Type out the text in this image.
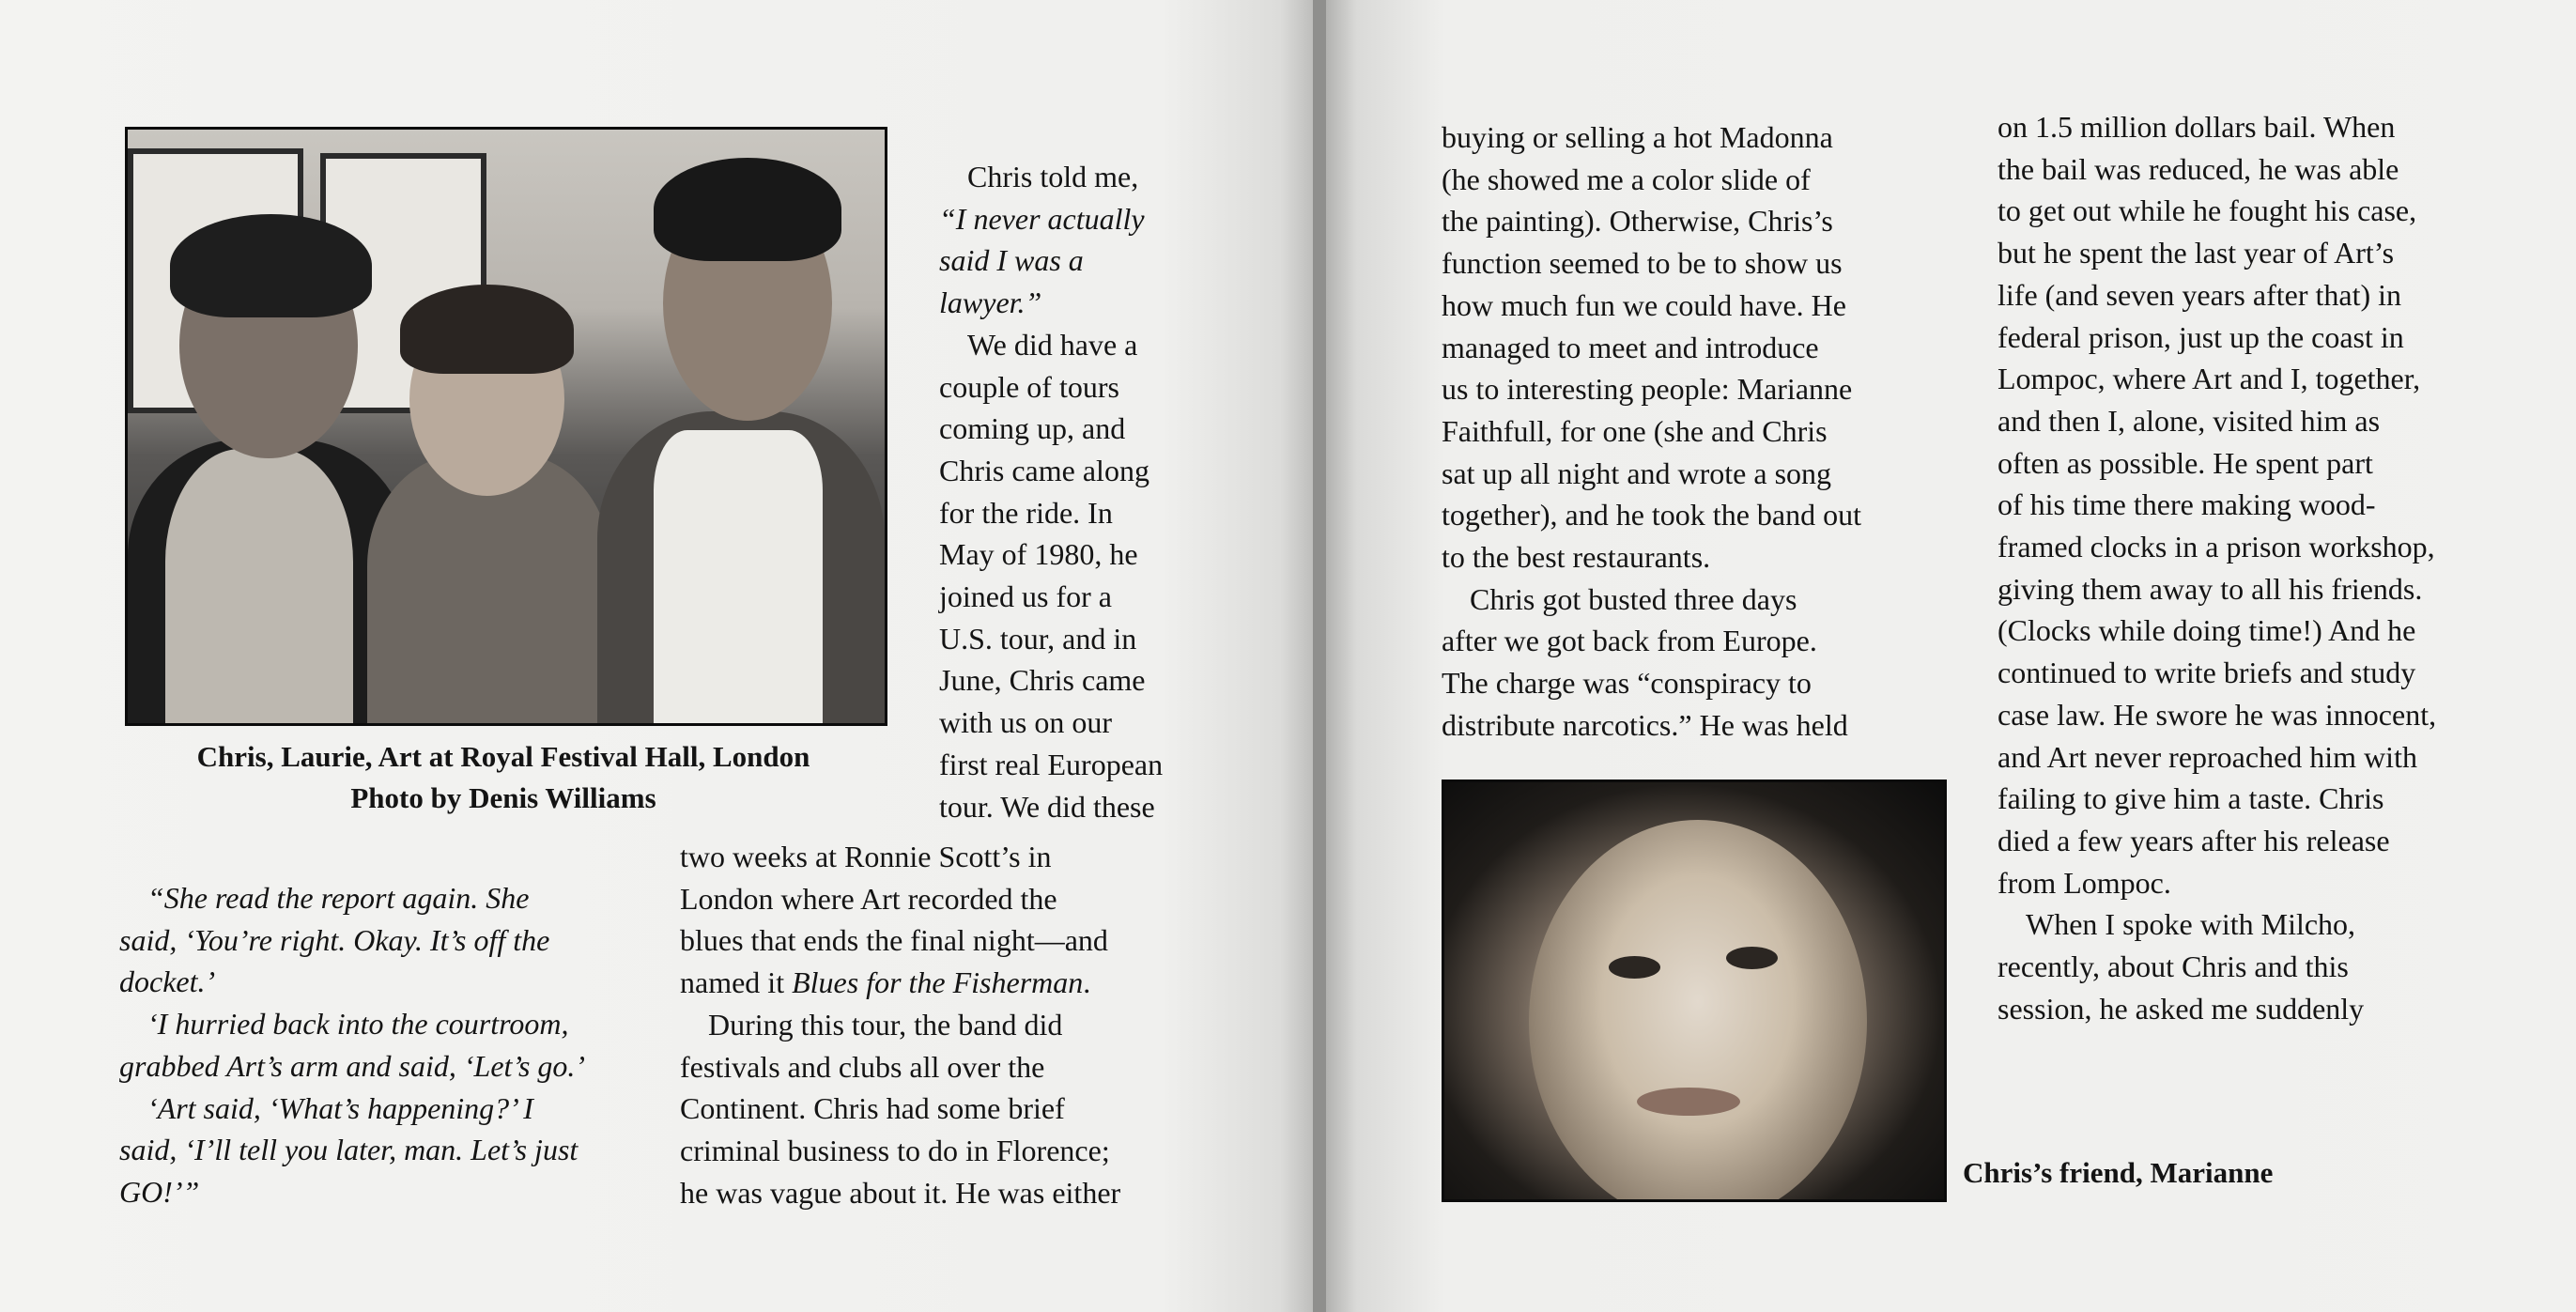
Chris, Laurie, Art at Royal Festival Hall, London
Photo by Denis Williams

Chris told me,

“I never actually

said I was a

lawyer.”

We did have a

couple of tours

coming up, and

Chris came along

for the ride. In

May of 1980, he

joined us for a

U.S. tour, and in

June, Chris came

with us on our

first real European

tour. We did these

two weeks at Ronnie Scott’s in

London where Art recorded the

blues that ends the final night—and

named it Blues for the Fisherman.

During this tour, the band did

festivals and clubs all over the

Continent. Chris had some brief

criminal business to do in Florence;

he was vague about it. He was either

“She read the report again. She

said, ‘You’re right. Okay. It’s off the

docket.’

‘I hurried back into the courtroom,

grabbed Art’s arm and said, ‘Let’s go.’

‘Art said, ‘What’s happening?’ I

said, ‘I’ll tell you later, man. Let’s just

GO!’”

buying or selling a hot Madonna

(he showed me a color slide of

the painting). Otherwise, Chris’s

function seemed to be to show us

how much fun we could have. He

managed to meet and introduce

us to interesting people: Marianne

Faithfull, for one (she and Chris

sat up all night and wrote a song

together), and he took the band out

to the best restaurants.

Chris got busted three days

after we got back from Europe.

The charge was “conspiracy to

distribute narcotics.” He was held

Chris’s friend, Marianne

on 1.5 million dollars bail. When

the bail was reduced, he was able

to get out while he fought his case,

but he spent the last year of Art’s

life (and seven years after that) in

federal prison, just up the coast in

Lompoc, where Art and I, together,

and then I, alone, visited him as

often as possible. He spent part

of his time there making wood-

framed clocks in a prison workshop,

giving them away to all his friends.

(Clocks while doing time!) And he

continued to write briefs and study

case law. He swore he was innocent,

and Art never reproached him with

failing to give him a taste. Chris

died a few years after his release

from Lompoc.

When I spoke with Milcho,

recently, about Chris and this

session, he asked me suddenly
